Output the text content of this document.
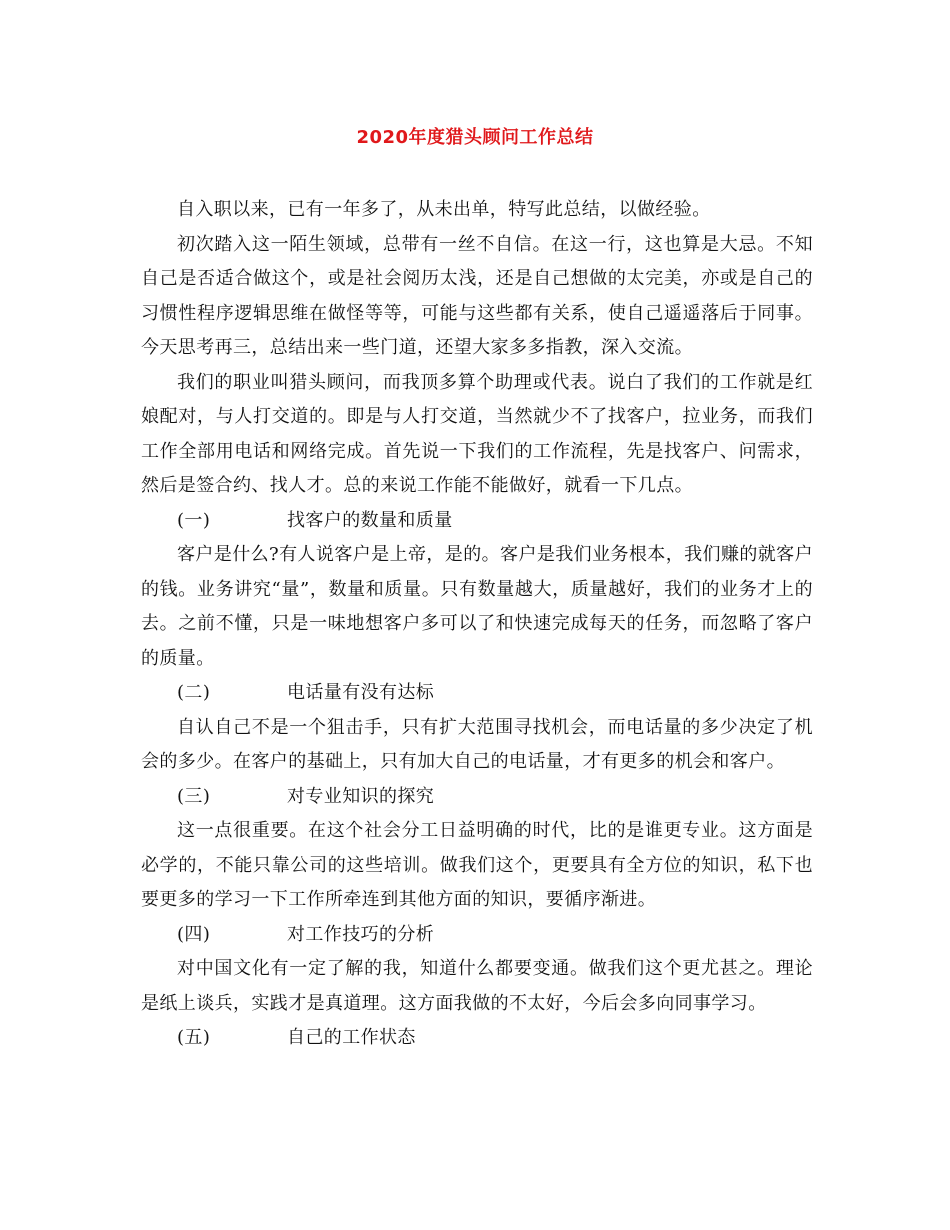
2020年度猎头顾问工作总结

自入职以来，已有一年多了，从未出单，特写此总结，以做经验。

初次踏入这一陌生领域，总带有一丝不自信。在这一行，这也算是大忌。不知自己是否适合做这个，或是社会阅历太浅，还是自己想做的太完美，亦或是自己的习惯性程序逻辑思维在做怪等等，可能与这些都有关系，使自己遥遥落后于同事。今天思考再三，总结出来一些门道，还望大家多多指教，深入交流。

我们的职业叫猎头顾问，而我顶多算个助理或代表。说白了我们的工作就是红娘配对，与人打交道的。即是与人打交道，当然就少不了找客户，拉业务，而我们工作全部用电话和网络完成。首先说一下我们的工作流程，先是找客户、问需求，然后是签合约、找人才。总的来说工作能不能做好，就看一下几点。

(一)	找客户的数量和质量

客户是什么?有人说客户是上帝，是的。客户是我们业务根本，我们赚的就客户的钱。业务讲究“量”，数量和质量。只有数量越大，质量越好，我们的业务才上的去。之前不懂，只是一味地想客户多可以了和快速完成每天的任务，而忽略了客户的质量。

(二)	电话量有没有达标

自认自己不是一个狙击手，只有扩大范围寻找机会，而电话量的多少决定了机会的多少。在客户的基础上，只有加大自己的电话量，才有更多的机会和客户。

(三)	对专业知识的探究

这一点很重要。在这个社会分工日益明确的时代，比的是谁更专业。这方面是必学的，不能只靠公司的这些培训。做我们这个，更要具有全方位的知识，私下也要更多的学习一下工作所牵连到其他方面的知识，要循序渐进。

(四)	对工作技巧的分析

对中国文化有一定了解的我，知道什么都要变通。做我们这个更尤甚之。理论是纸上谈兵，实践才是真道理。这方面我做的不太好，今后会多向同事学习。

(五)	自己的工作状态
